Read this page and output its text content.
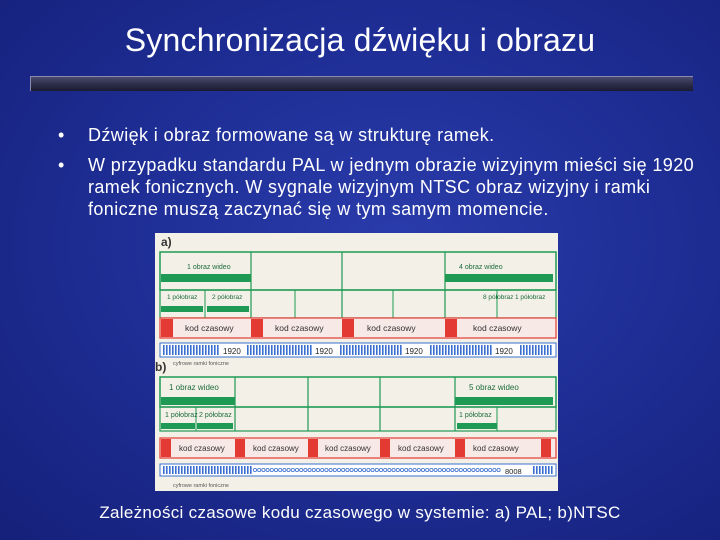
Synchronizacja dźwięku i obrazu
• Dźwięk i obraz formowane są w strukturę ramek.
• W przypadku standardu PAL w jednym obrazie wizyjnym mieści się 1920 ramek fonicznych. W sygnale wizyjnym NTSC obraz wizyjny i ramki foniczne muszą zaczynać się w tym samym momencie.
a)
1 obraz wideo	4 obraz wideo
1 półobraz 2 półobraz	8 półobraz 1 półobraz
kod czasowy	kod czasowy	kod czasowy	kod czasowy
1920	1920	1920	1920
b) cyfrowe ramki foniczne
1 obraz wideo	5 obraz wideo
1 półobraz 2 półobraz	1 półobraz
kod czasowy	kod czasowy	kod czasowy	kod czasowy	kod czasowy
8008
cyfrowe ramki foniczne
Zależności czasowe kodu czasowego w systemie: a) PAL; b)NTSC
